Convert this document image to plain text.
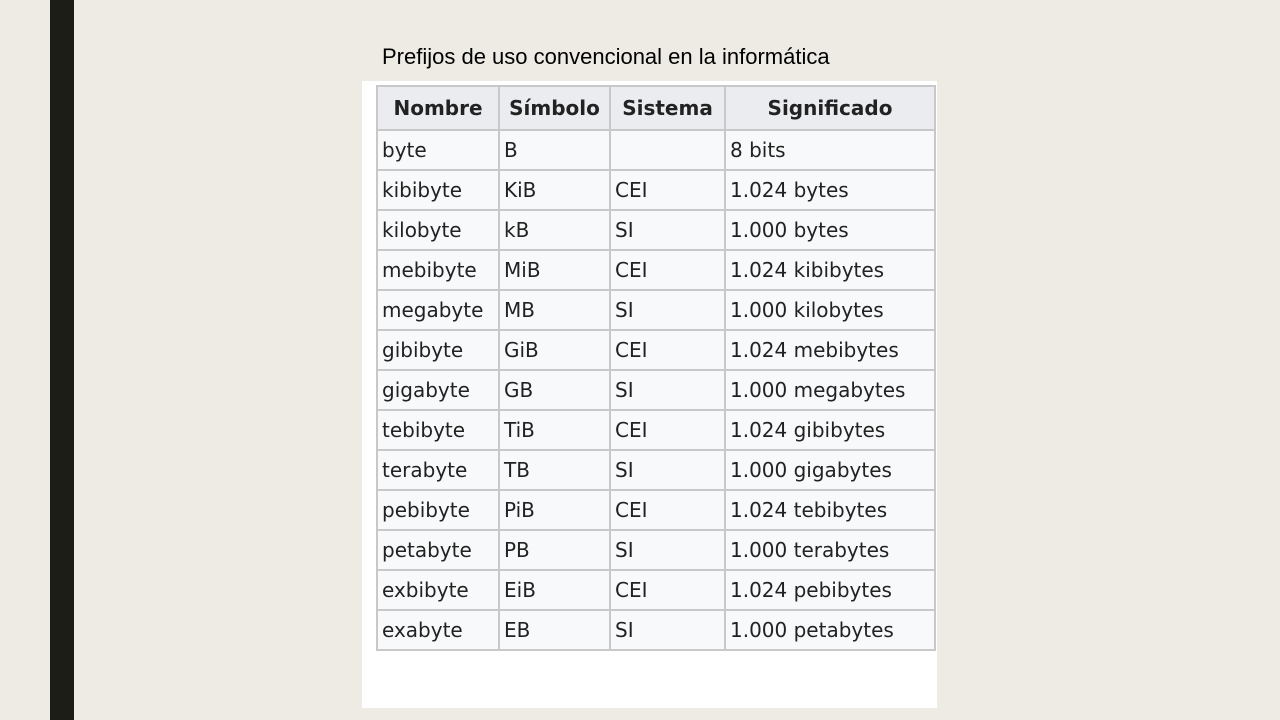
Prefijos de uso convencional en la informática
Nombre	Símbolo	Sistema	Significado
byte	B		8 bits
kibibyte	KiB	CEI	1.024 bytes
kilobyte	kB	SI	1.000 bytes
mebibyte	MiB	CEI	1.024 kibibytes
megabyte	MB	SI	1.000 kilobytes
gibibyte	GiB	CEI	1.024 mebibytes
gigabyte	GB	SI	1.000 megabytes
tebibyte	TiB	CEI	1.024 gibibytes
terabyte	TB	SI	1.000 gigabytes
pebibyte	PiB	CEI	1.024 tebibytes
petabyte	PB	SI	1.000 terabytes
exbibyte	EiB	CEI	1.024 pebibytes
exabyte	EB	SI	1.000 petabytes
